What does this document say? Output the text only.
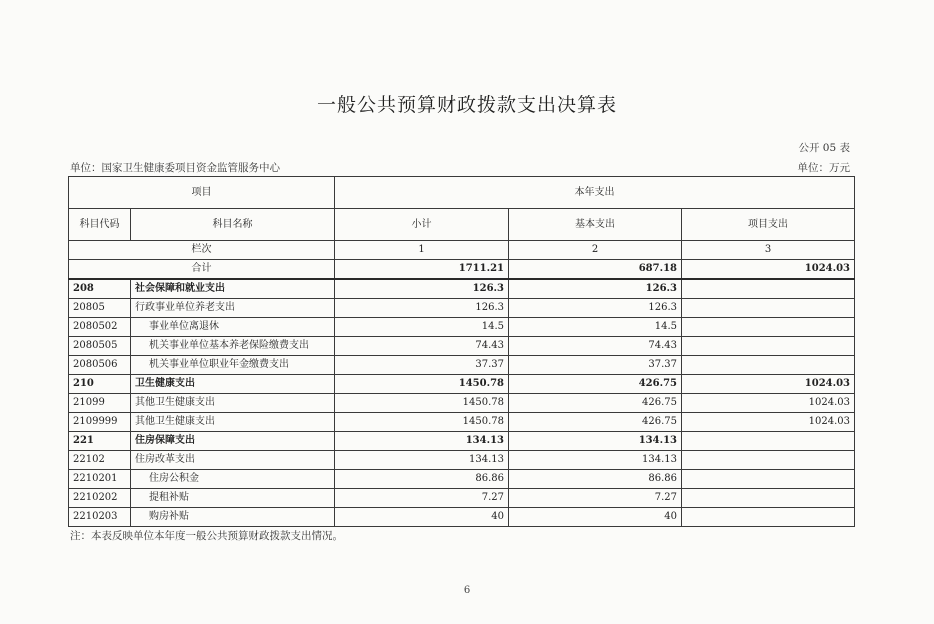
一般公共预算财政拨款支出决算表
公开 05 表
单位：国家卫生健康委项目资金监管服务中心	单位：万元
项目		本年支出		
科目代码	科目名称	小计	基本支出	项目支出
栏次		1	2	3
合计		1711.21	687.18	1024.03
208	社会保障和就业支出	126.3	126.3	
20805	行政事业单位养老支出	126.3	126.3	
2080502	事业单位离退休	14.5	14.5	
2080505	机关事业单位基本养老保险缴费支出	74.43	74.43	
2080506	机关事业单位职业年金缴费支出	37.37	37.37	
210	卫生健康支出	1450.78	426.75	1024.03
21099	其他卫生健康支出	1450.78	426.75	1024.03
2109999	其他卫生健康支出	1450.78	426.75	1024.03
221	住房保障支出	134.13	134.13	
22102	住房改革支出	134.13	134.13	
2210201	住房公积金	86.86	86.86	
2210202	提租补贴	7.27	7.27	
2210203	购房补贴	40	40	
注：本表反映单位本年度一般公共预算财政拨款支出情况。
6
